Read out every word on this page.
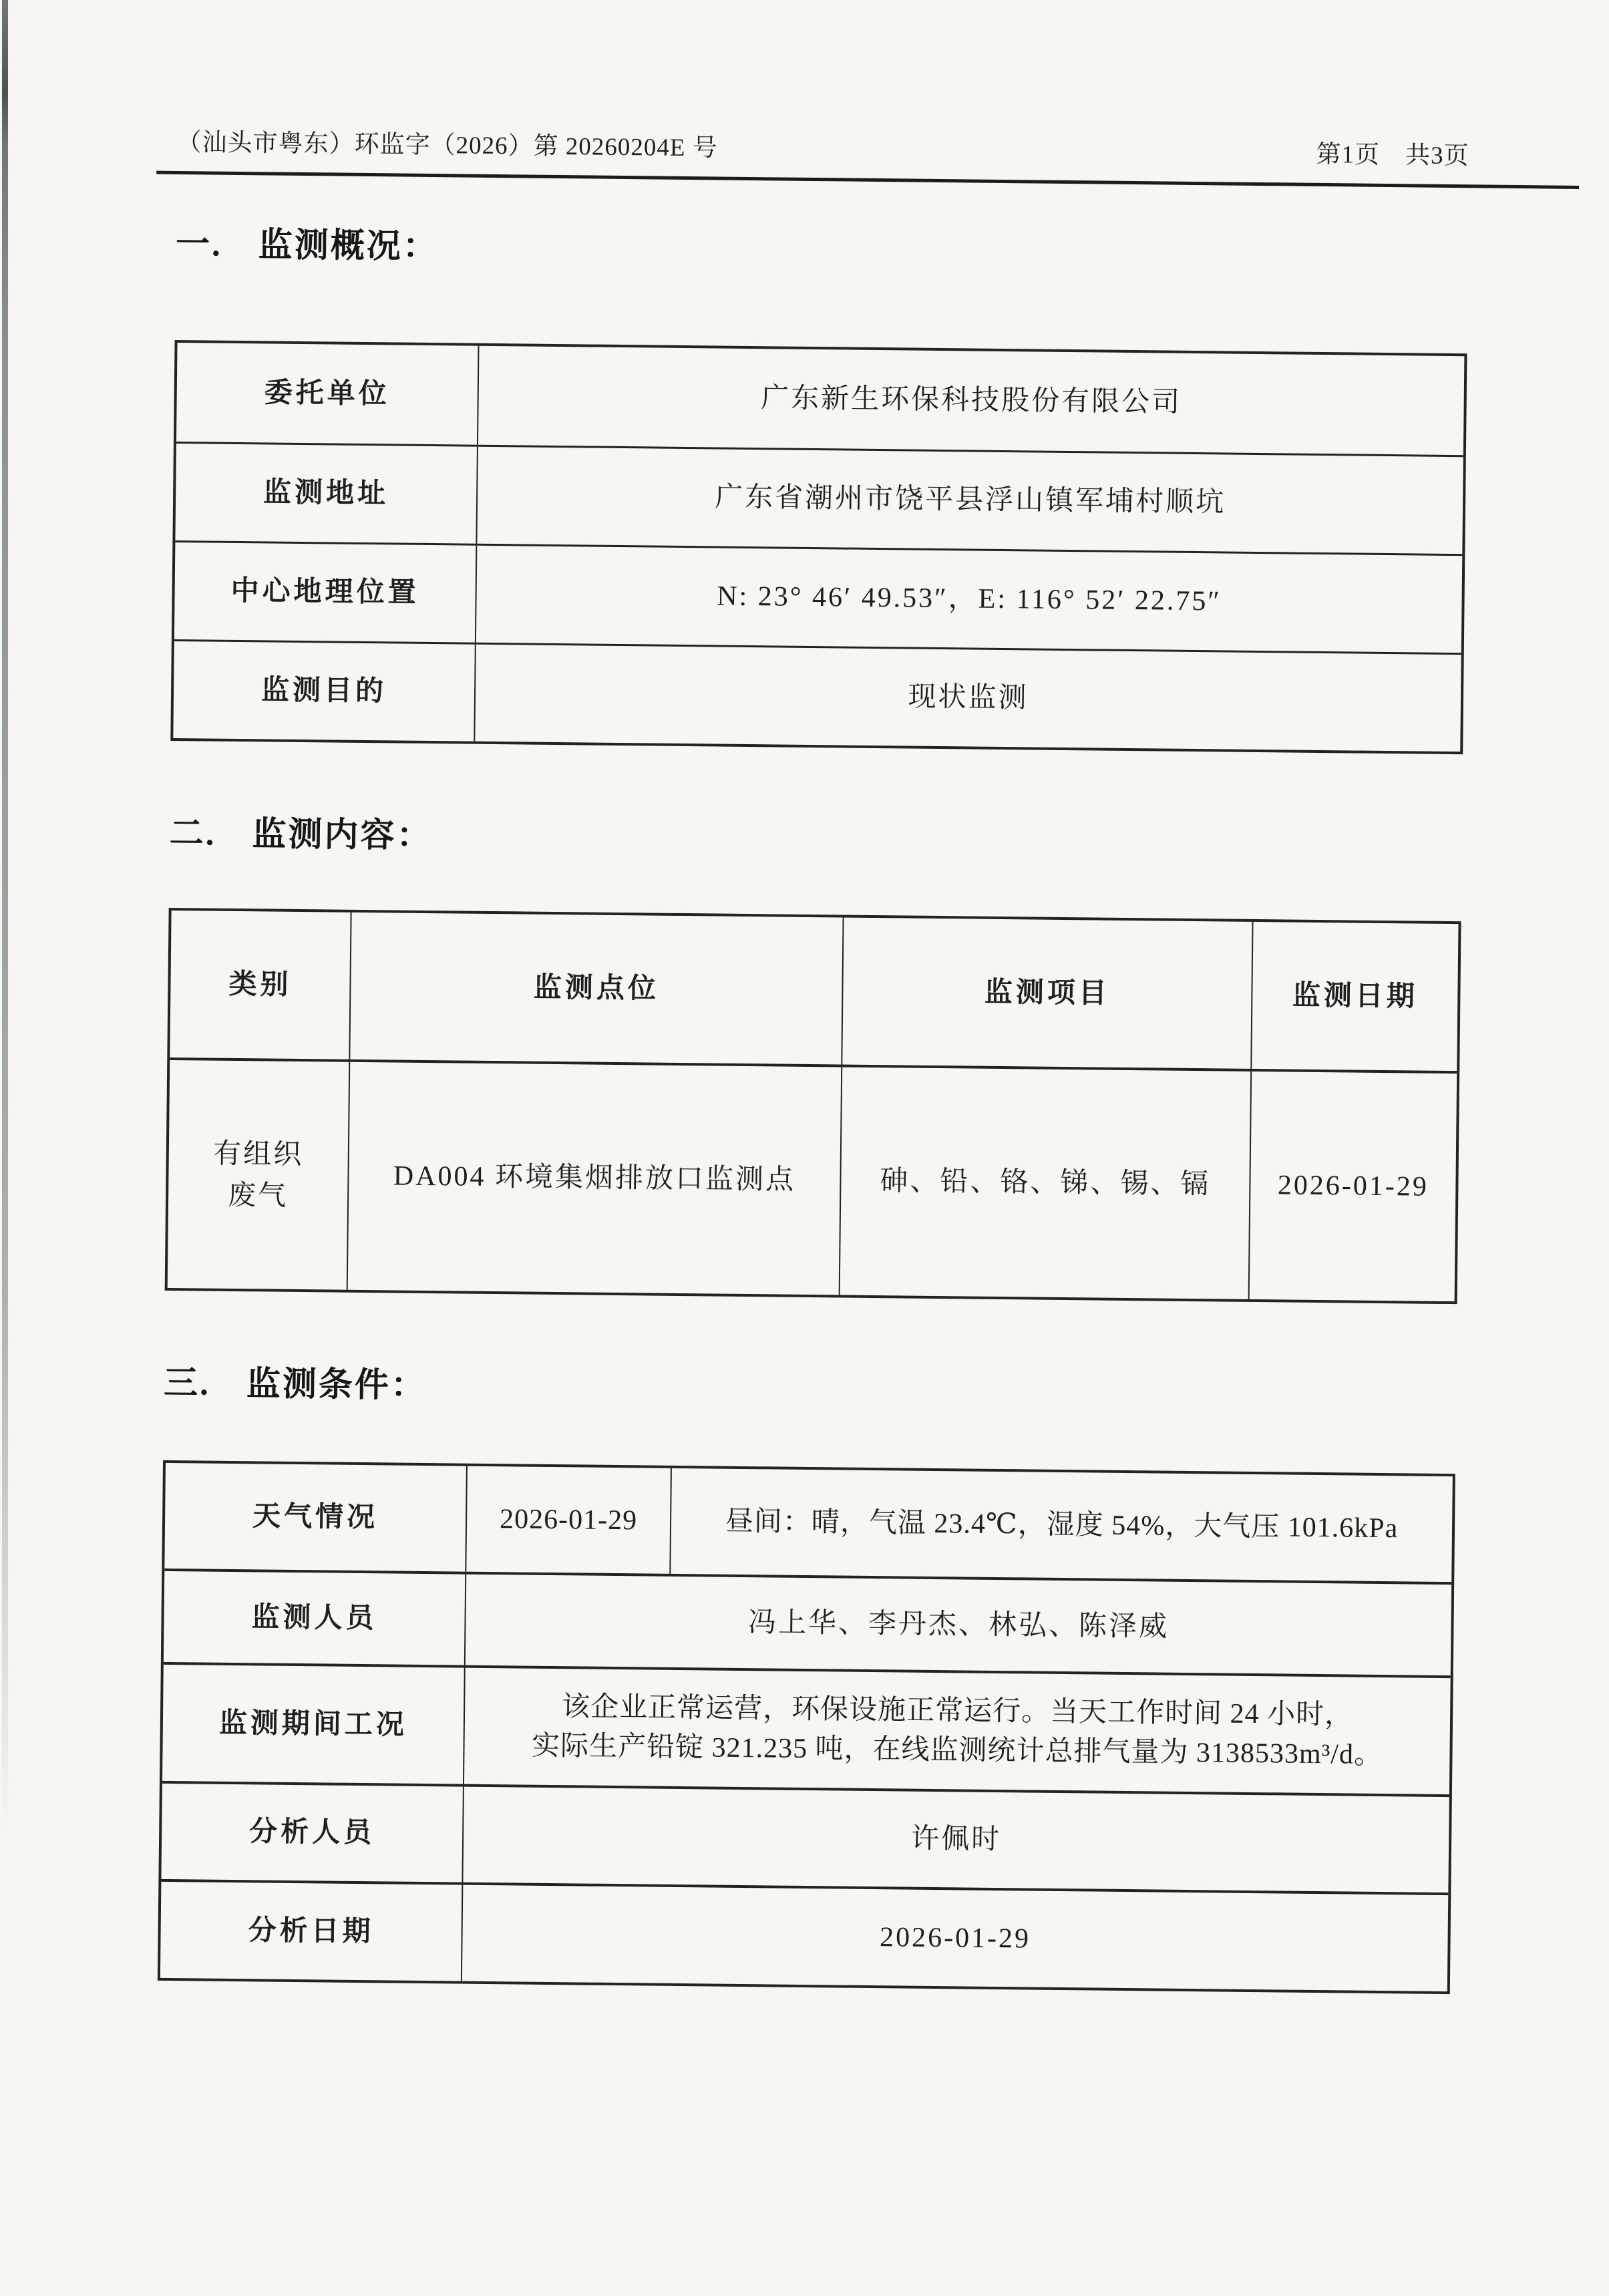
（汕头市粤东）环监字（2026）第 20260204E 号	第1页　共3页
一.　监测概况：
委托单位	广东新生环保科技股份有限公司
监测地址	广东省潮州市饶平县浮山镇军埔村顺坑
中心地理位置	N: 23° 46′ 49.53″，E: 116° 52′ 22.75″
监测目的	现状监测
二.　监测内容：
类别	监测点位	监测项目	监测日期
有组织
废气	DA004 环境集烟排放口监测点	砷、铅、铬、锑、锡、镉	2026-01-29
三.　监测条件：
天气情况	2026-01-29	昼间：晴，气温 23.4℃，湿度 54%，大气压 101.6kPa
监测人员	冯上华、李丹杰、林弘、陈泽威
监测期间工况	该企业正常运营，环保设施正常运行。当天工作时间 24 小时，
实际生产铅锭 321.235 吨，在线监测统计总排气量为 3138533m³/d。
分析人员	许佩时
分析日期	2026-01-29
